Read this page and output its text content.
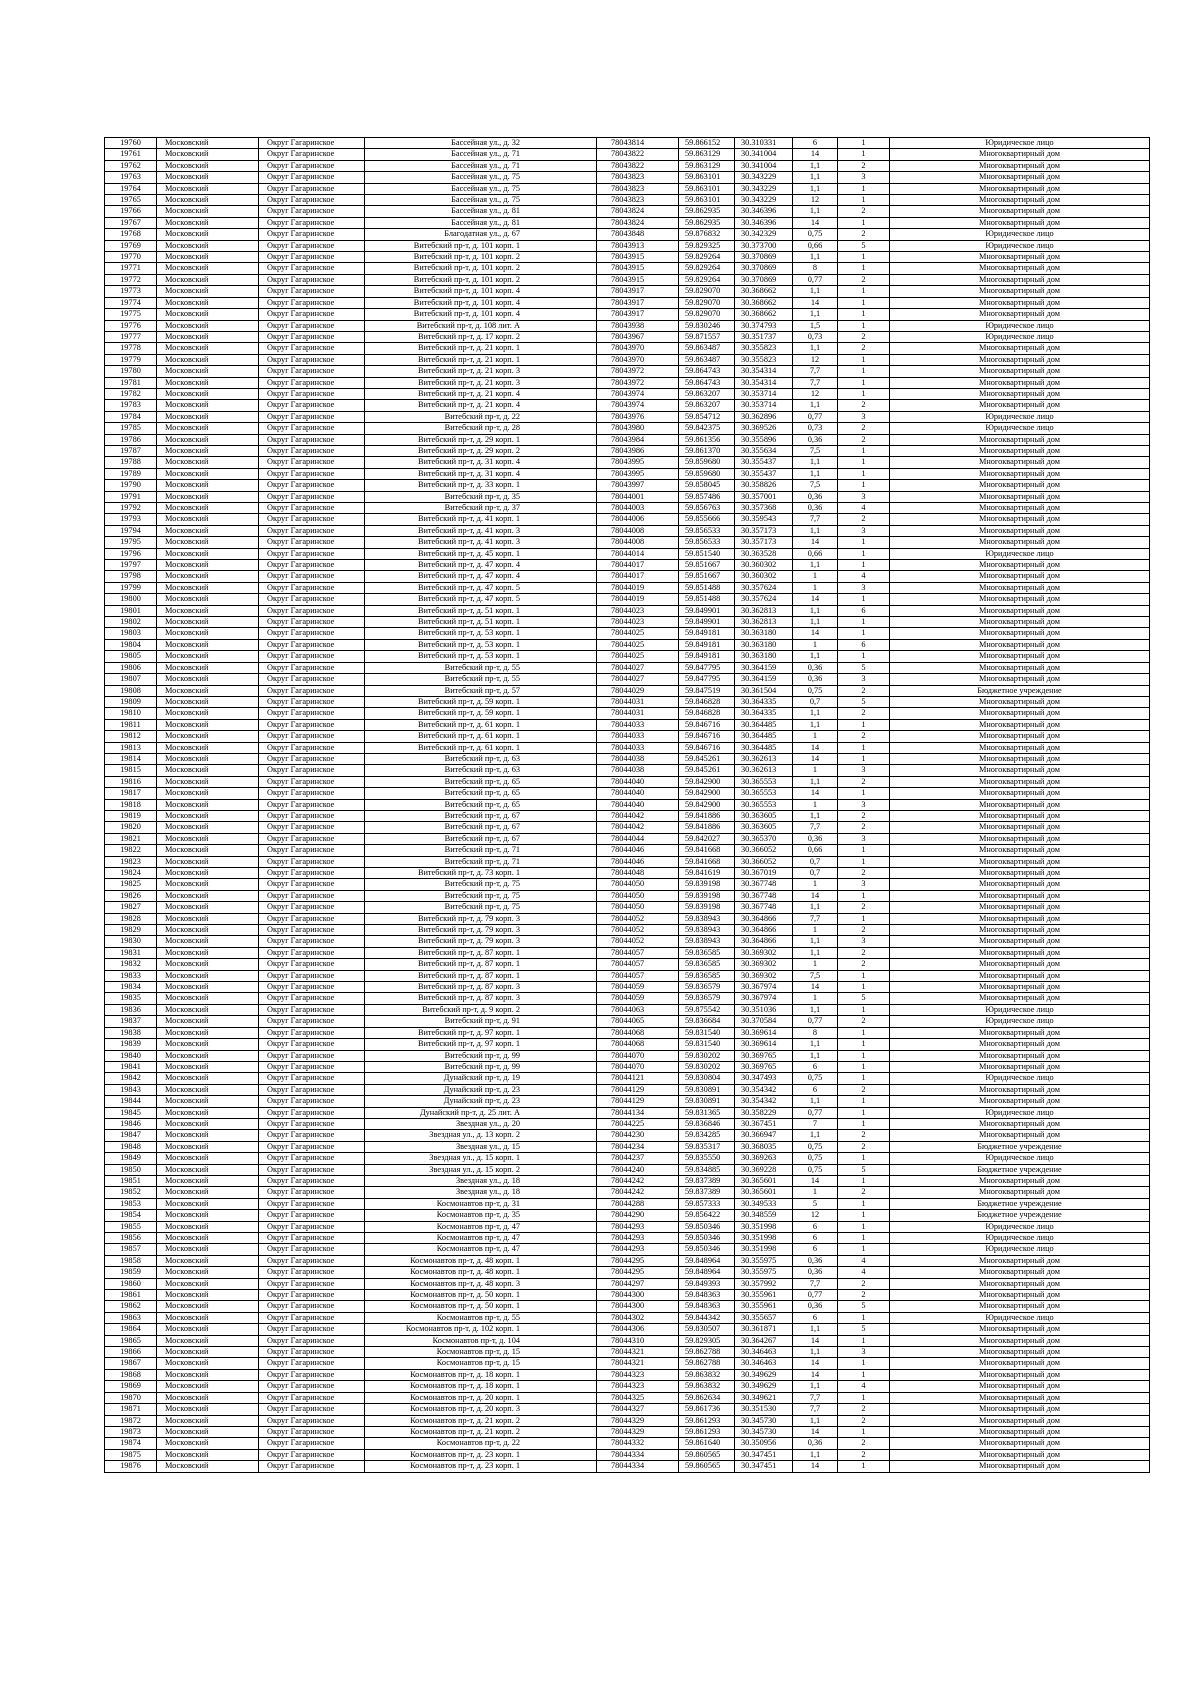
19760	Московский	Округ Гагаринское	Бассейная ул., д. 32	78043814	59.866152	30.310331	6	1	Юридическое лицо
19761	Московский	Округ Гагаринское	Бассейная ул., д. 71	78043822	59.863129	30.341004	14	1	Многоквартирный дом
19762	Московский	Округ Гагаринское	Бассейная ул., д. 71	78043822	59.863129	30.341004	1,1	2	Многоквартирный дом
19763	Московский	Округ Гагаринское	Бассейная ул., д. 75	78043823	59.863101	30.343229	1,1	3	Многоквартирный дом
19764	Московский	Округ Гагаринское	Бассейная ул., д. 75	78043823	59.863101	30.343229	1,1	1	Многоквартирный дом
19765	Московский	Округ Гагаринское	Бассейная ул., д. 75	78043823	59.863101	30.343229	12	1	Многоквартирный дом
19766	Московский	Округ Гагаринское	Бассейная ул., д. 81	78043824	59.862935	30.346396	1,1	2	Многоквартирный дом
19767	Московский	Округ Гагаринское	Бассейная ул., д. 81	78043824	59.862935	30.346396	14	1	Многоквартирный дом
19768	Московский	Округ Гагаринское	Благодатная ул., д. 67	78043848	59.876832	30.342329	0,75	2	Юридическое лицо
19769	Московский	Округ Гагаринское	Витебский пр-т, д. 101 корп. 1	78043913	59.829325	30.373700	0,66	5	Юридическое лицо
19770	Московский	Округ Гагаринское	Витебский пр-т, д. 101 корп. 2	78043915	59.829264	30.370869	1,1	1	Многоквартирный дом
19771	Московский	Округ Гагаринское	Витебский пр-т, д. 101 корп. 2	78043915	59.829264	30.370869	8	1	Многоквартирный дом
19772	Московский	Округ Гагаринское	Витебский пр-т, д. 101 корп. 2	78043915	59.829264	30.370869	0,77	2	Многоквартирный дом
19773	Московский	Округ Гагаринское	Витебский пр-т, д. 101 корп. 4	78043917	59.829070	30.368662	1,1	1	Многоквартирный дом
19774	Московский	Округ Гагаринское	Витебский пр-т, д. 101 корп. 4	78043917	59.829070	30.368662	14	1	Многоквартирный дом
19775	Московский	Округ Гагаринское	Витебский пр-т, д. 101 корп. 4	78043917	59.829070	30.368662	1,1	1	Многоквартирный дом
19776	Московский	Округ Гагаринское	Витебский пр-т, д. 108 лит. А	78043938	59.830246	30.374793	1,5	1	Юридическое лицо
19777	Московский	Округ Гагаринское	Витебский пр-т, д. 17 корп. 2	78043967	59.871557	30.351737	0,73	2	Юридическое лицо
19778	Московский	Округ Гагаринское	Витебский пр-т, д. 21 корп. 1	78043970	59.863487	30.355823	1,1	2	Многоквартирный дом
19779	Московский	Округ Гагаринское	Витебский пр-т, д. 21 корп. 1	78043970	59.863487	30.355823	12	1	Многоквартирный дом
19780	Московский	Округ Гагаринское	Витебский пр-т, д. 21 корп. 3	78043972	59.864743	30.354314	7,7	1	Многоквартирный дом
19781	Московский	Округ Гагаринское	Витебский пр-т, д. 21 корп. 3	78043972	59.864743	30.354314	7,7	1	Многоквартирный дом
19782	Московский	Округ Гагаринское	Витебский пр-т, д. 21 корп. 4	78043974	59.863207	30.353714	12	1	Многоквартирный дом
19783	Московский	Округ Гагаринское	Витебский пр-т, д. 21 корп. 4	78043974	59.863207	30.353714	1,1	2	Многоквартирный дом
19784	Московский	Округ Гагаринское	Витебский пр-т, д. 22	78043976	59.854712	30.362896	0,77	3	Юридическое лицо
19785	Московский	Округ Гагаринское	Витебский пр-т, д. 28	78043980	59.842375	30.369526	0,73	2	Юридическое лицо
19786	Московский	Округ Гагаринское	Витебский пр-т, д. 29 корп. 1	78043984	59.861356	30.355896	0,36	2	Многоквартирный дом
19787	Московский	Округ Гагаринское	Витебский пр-т, д. 29 корп. 2	78043986	59.861370	30.355634	7,5	1	Многоквартирный дом
19788	Московский	Округ Гагаринское	Витебский пр-т, д. 31 корп. 4	78043995	59.859680	30.355437	1,1	1	Многоквартирный дом
19789	Московский	Округ Гагаринское	Витебский пр-т, д. 31 корп. 4	78043995	59.859680	30.355437	1,1	1	Многоквартирный дом
19790	Московский	Округ Гагаринское	Витебский пр-т, д. 33 корп. 1	78043997	59.858045	30.358826	7,5	1	Многоквартирный дом
19791	Московский	Округ Гагаринское	Витебский пр-т, д. 35	78044001	59.857486	30.357001	0,36	3	Многоквартирный дом
19792	Московский	Округ Гагаринское	Витебский пр-т, д. 37	78044003	59.856763	30.357368	0,36	4	Многоквартирный дом
19793	Московский	Округ Гагаринское	Витебский пр-т, д. 41 корп. 1	78044006	59.855666	30.359543	7,7	2	Многоквартирный дом
19794	Московский	Округ Гагаринское	Витебский пр-т, д. 41 корп. 3	78044008	59.856533	30.357173	1,1	3	Многоквартирный дом
19795	Московский	Округ Гагаринское	Витебский пр-т, д. 41 корп. 3	78044008	59.856533	30.357173	14	1	Многоквартирный дом
19796	Московский	Округ Гагаринское	Витебский пр-т, д. 45 корп. 1	78044014	59.851540	30.363528	0,66	1	Юридическое лицо
19797	Московский	Округ Гагаринское	Витебский пр-т, д. 47 корп. 4	78044017	59.851667	30.360302	1,1	1	Многоквартирный дом
19798	Московский	Округ Гагаринское	Витебский пр-т, д. 47 корп. 4	78044017	59.851667	30.360302	1	4	Многоквартирный дом
19799	Московский	Округ Гагаринское	Витебский пр-т, д. 47 корп. 5	78044019	59.851488	30.357624	1	3	Многоквартирный дом
19800	Московский	Округ Гагаринское	Витебский пр-т, д. 47 корп. 5	78044019	59.851488	30.357624	14	1	Многоквартирный дом
19801	Московский	Округ Гагаринское	Витебский пр-т, д. 51 корп. 1	78044023	59.849901	30.362813	1,1	6	Многоквартирный дом
19802	Московский	Округ Гагаринское	Витебский пр-т, д. 51 корп. 1	78044023	59.849901	30.362813	1,1	1	Многоквартирный дом
19803	Московский	Округ Гагаринское	Витебский пр-т, д. 53 корп. 1	78044025	59.849181	30.363180	14	1	Многоквартирный дом
19804	Московский	Округ Гагаринское	Витебский пр-т, д. 53 корп. 1	78044025	59.849181	30.363180	1	6	Многоквартирный дом
19805	Московский	Округ Гагаринское	Витебский пр-т, д. 53 корп. 1	78044025	59.849181	30.363180	1,1	1	Многоквартирный дом
19806	Московский	Округ Гагаринское	Витебский пр-т, д. 55	78044027	59.847795	30.364159	0,36	5	Многоквартирный дом
19807	Московский	Округ Гагаринское	Витебский пр-т, д. 55	78044027	59.847795	30.364159	0,36	3	Многоквартирный дом
19808	Московский	Округ Гагаринское	Витебский пр-т, д. 57	78044029	59.847519	30.361504	0,75	2	Бюджетное учреждение
19809	Московский	Округ Гагаринское	Витебский пр-т, д. 59 корп. 1	78044031	59.846828	30.364335	0,7	5	Многоквартирный дом
19810	Московский	Округ Гагаринское	Витебский пр-т, д. 59 корп. 1	78044031	59.846828	30.364335	1,1	2	Многоквартирный дом
19811	Московский	Округ Гагаринское	Витебский пр-т, д. 61 корп. 1	78044033	59.846716	30.364485	1,1	1	Многоквартирный дом
19812	Московский	Округ Гагаринское	Витебский пр-т, д. 61 корп. 1	78044033	59.846716	30.364485	1	2	Многоквартирный дом
19813	Московский	Округ Гагаринское	Витебский пр-т, д. 61 корп. 1	78044033	59.846716	30.364485	14	1	Многоквартирный дом
19814	Московский	Округ Гагаринское	Витебский пр-т, д. 63	78044038	59.845261	30.362613	14	1	Многоквартирный дом
19815	Московский	Округ Гагаринское	Витебский пр-т, д. 63	78044038	59.845261	30.362613	1	3	Многоквартирный дом
19816	Московский	Округ Гагаринское	Витебский пр-т, д. 65	78044040	59.842900	30.365553	1,1	2	Многоквартирный дом
19817	Московский	Округ Гагаринское	Витебский пр-т, д. 65	78044040	59.842900	30.365553	14	1	Многоквартирный дом
19818	Московский	Округ Гагаринское	Витебский пр-т, д. 65	78044040	59.842900	30.365553	1	3	Многоквартирный дом
19819	Московский	Округ Гагаринское	Витебский пр-т, д. 67	78044042	59.841886	30.363605	1,1	2	Многоквартирный дом
19820	Московский	Округ Гагаринское	Витебский пр-т, д. 67	78044042	59.841886	30.363605	7,7	2	Многоквартирный дом
19821	Московский	Округ Гагаринское	Витебский пр-т, д. 67	78044044	59.842027	30.365370	0,36	3	Многоквартирный дом
19822	Московский	Округ Гагаринское	Витебский пр-т, д. 71	78044046	59.841668	30.366052	0,66	1	Многоквартирный дом
19823	Московский	Округ Гагаринское	Витебский пр-т, д. 71	78044046	59.841668	30.366052	0,7	1	Многоквартирный дом
19824	Московский	Округ Гагаринское	Витебский пр-т, д. 73 корп. 1	78044048	59.841619	30.367019	0,7	2	Многоквартирный дом
19825	Московский	Округ Гагаринское	Витебский пр-т, д. 75	78044050	59.839198	30.367748	1	3	Многоквартирный дом
19826	Московский	Округ Гагаринское	Витебский пр-т, д. 75	78044050	59.839198	30.367748	14	1	Многоквартирный дом
19827	Московский	Округ Гагаринское	Витебский пр-т, д. 75	78044050	59.839198	30.367748	1,1	2	Многоквартирный дом
19828	Московский	Округ Гагаринское	Витебский пр-т, д. 79 корп. 3	78044052	59.838943	30.364866	7,7	1	Многоквартирный дом
19829	Московский	Округ Гагаринское	Витебский пр-т, д. 79 корп. 3	78044052	59.838943	30.364866	1	2	Многоквартирный дом
19830	Московский	Округ Гагаринское	Витебский пр-т, д. 79 корп. 3	78044052	59.838943	30.364866	1,1	3	Многоквартирный дом
19831	Московский	Округ Гагаринское	Витебский пр-т, д. 87 корп. 1	78044057	59.836585	30.369302	1,1	2	Многоквартирный дом
19832	Московский	Округ Гагаринское	Витебский пр-т, д. 87 корп. 1	78044057	59.836585	30.369302	1	2	Многоквартирный дом
19833	Московский	Округ Гагаринское	Витебский пр-т, д. 87 корп. 1	78044057	59.836585	30.369302	7,5	1	Многоквартирный дом
19834	Московский	Округ Гагаринское	Витебский пр-т, д. 87 корп. 3	78044059	59.836579	30.367974	14	1	Многоквартирный дом
19835	Московский	Округ Гагаринское	Витебский пр-т, д. 87 корп. 3	78044059	59.836579	30.367974	1	5	Многоквартирный дом
19836	Московский	Округ Гагаринское	Витебский пр-т, д. 9 корп. 2	78044063	59.875542	30.351036	1,1	1	Юридическое лицо
19837	Московский	Округ Гагаринское	Витебский пр-т, д. 91	78044065	59.836684	30.370584	0,77	2	Юридическое лицо
19838	Московский	Округ Гагаринское	Витебский пр-т, д. 97 корп. 1	78044068	59.831540	30.369614	8	1	Многоквартирный дом
19839	Московский	Округ Гагаринское	Витебский пр-т, д. 97 корп. 1	78044068	59.831540	30.369614	1,1	1	Многоквартирный дом
19840	Московский	Округ Гагаринское	Витебский пр-т, д. 99	78044070	59.830202	30.369765	1,1	1	Многоквартирный дом
19841	Московский	Округ Гагаринское	Витебский пр-т, д. 99	78044070	59.830202	30.369765	6	1	Многоквартирный дом
19842	Московский	Округ Гагаринское	Дунайский пр-т, д. 19	78044121	59.830804	30.347493	0,75	1	Юридическое лицо
19843	Московский	Округ Гагаринское	Дунайский пр-т, д. 23	78044129	59.830891	30.354342	6	2	Многоквартирный дом
19844	Московский	Округ Гагаринское	Дунайский пр-т, д. 23	78044129	59.830891	30.354342	1,1	1	Многоквартирный дом
19845	Московский	Округ Гагаринское	Дунайский пр-т, д. 25 лит. А	78044134	59.831365	30.358229	0,77	1	Юридическое лицо
19846	Московский	Округ Гагаринское	Звездная ул., д. 20	78044225	59.836846	30.367451	7	1	Многоквартирный дом
19847	Московский	Округ Гагаринское	Звездная ул., д. 13 корп. 2	78044230	59.834285	30.366947	1,1	2	Многоквартирный дом
19848	Московский	Округ Гагаринское	Звездная ул., д. 15	78044234	59.835317	30.368035	0,75	2	Бюджетное учреждение
19849	Московский	Округ Гагаринское	Звездная ул., д. 15 корп. 1	78044237	59.835550	30.369263	0,75	1	Юридическое лицо
19850	Московский	Округ Гагаринское	Звездная ул., д. 15 корп. 2	78044240	59.834885	30.369228	0,75	5	Бюджетное учреждение
19851	Московский	Округ Гагаринское	Звездная ул., д. 18	78044242	59.837389	30.365601	14	1	Многоквартирный дом
19852	Московский	Округ Гагаринское	Звездная ул., д. 18	78044242	59.837389	30.365601	1	2	Многоквартирный дом
19853	Московский	Округ Гагаринское	Космонавтов пр-т, д. 31	78044288	59.857333	30.349533	5	1	Бюджетное учреждение
19854	Московский	Округ Гагаринское	Космонавтов пр-т, д. 35	78044290	59.856422	30.348559	12	1	Бюджетное учреждение
19855	Московский	Округ Гагаринское	Космонавтов пр-т, д. 47	78044293	59.850346	30.351998	6	1	Юридическое лицо
19856	Московский	Округ Гагаринское	Космонавтов пр-т, д. 47	78044293	59.850346	30.351998	6	1	Юридическое лицо
19857	Московский	Округ Гагаринское	Космонавтов пр-т, д. 47	78044293	59.850346	30.351998	6	1	Юридическое лицо
19858	Московский	Округ Гагаринское	Космонавтов пр-т, д. 48 корп. 1	78044295	59.848964	30.355975	0,36	4	Многоквартирный дом
19859	Московский	Округ Гагаринское	Космонавтов пр-т, д. 48 корп. 1	78044295	59.848964	30.355975	0,36	4	Многоквартирный дом
19860	Московский	Округ Гагаринское	Космонавтов пр-т, д. 48 корп. 3	78044297	59.849393	30.357992	7,7	2	Многоквартирный дом
19861	Московский	Округ Гагаринское	Космонавтов пр-т, д. 50 корп. 1	78044300	59.848363	30.355961	0,77	2	Многоквартирный дом
19862	Московский	Округ Гагаринское	Космонавтов пр-т, д. 50 корп. 1	78044300	59.848363	30.355961	0,36	5	Многоквартирный дом
19863	Московский	Округ Гагаринское	Космонавтов пр-т, д. 55	78044302	59.844342	30.355657	6	1	Юридическое лицо
19864	Московский	Округ Гагаринское	Космонавтов пр-т, д. 102 корп. 1	78044306	59.830507	30.361871	1,1	5	Многоквартирный дом
19865	Московский	Округ Гагаринское	Космонавтов пр-т, д. 104	78044310	59.829305	30.364267	14	1	Многоквартирный дом
19866	Московский	Округ Гагаринское	Космонавтов пр-т, д. 15	78044321	59.862788	30.346463	1,1	3	Многоквартирный дом
19867	Московский	Округ Гагаринское	Космонавтов пр-т, д. 15	78044321	59.862788	30.346463	14	1	Многоквартирный дом
19868	Московский	Округ Гагаринское	Космонавтов пр-т, д. 18 корп. 1	78044323	59.863832	30.349629	14	1	Многоквартирный дом
19869	Московский	Округ Гагаринское	Космонавтов пр-т, д. 18 корп. 1	78044323	59.863832	30.349629	1,1	4	Многоквартирный дом
19870	Московский	Округ Гагаринское	Космонавтов пр-т, д. 20 корп. 1	78044325	59.862634	30.349621	7,7	1	Многоквартирный дом
19871	Московский	Округ Гагаринское	Космонавтов пр-т, д. 20 корп. 3	78044327	59.861736	30.351530	7,7	2	Многоквартирный дом
19872	Московский	Округ Гагаринское	Космонавтов пр-т, д. 21 корп. 2	78044329	59.861293	30.345730	1,1	2	Многоквартирный дом
19873	Московский	Округ Гагаринское	Космонавтов пр-т, д. 21 корп. 2	78044329	59.861293	30.345730	14	1	Многоквартирный дом
19874	Московский	Округ Гагаринское	Космонавтов пр-т, д. 22	78044332	59.861640	30.350956	0,36	2	Многоквартирный дом
19875	Московский	Округ Гагаринское	Космонавтов пр-т, д. 23 корп. 1	78044334	59.860565	30.347451	1,1	2	Многоквартирный дом
19876	Московский	Округ Гагаринское	Космонавтов пр-т, д. 23 корп. 1	78044334	59.860565	30.347451	14	1	Многоквартирный дом
